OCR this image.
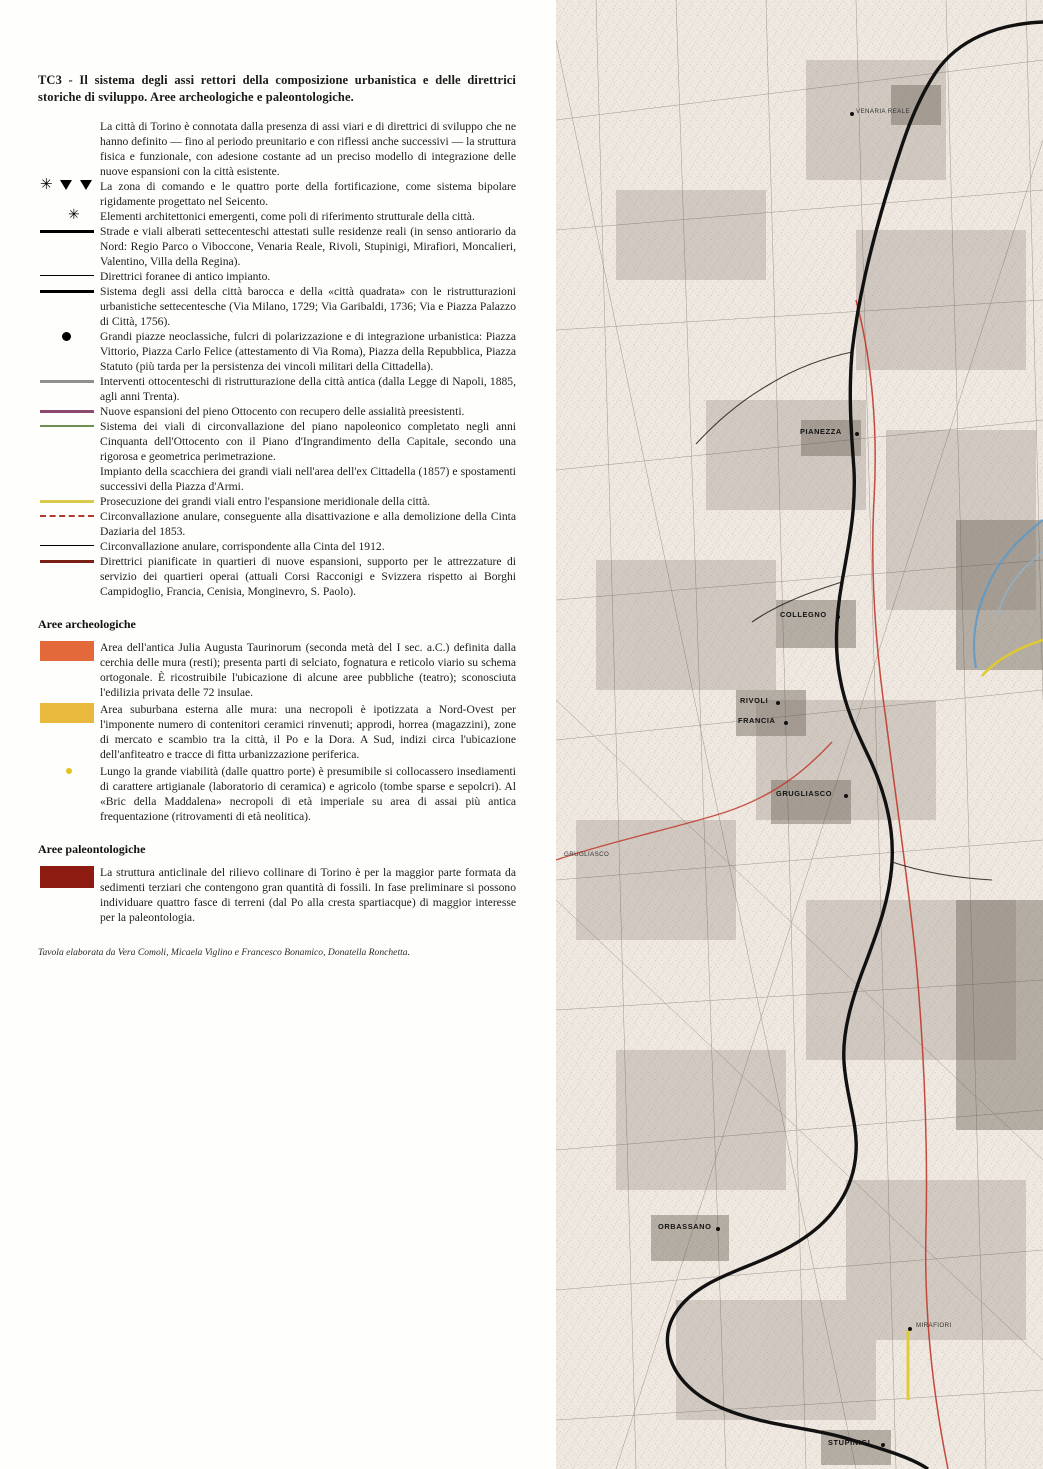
TC3 - Il sistema degli assi rettori della composizione urbanistica e delle direttrici storiche di sviluppo. Aree archeologiche e paleontologiche.
La città di Torino è connotata dalla presenza di assi viari e di direttrici di sviluppo che ne hanno definito — fino al periodo preunitario e con riflessi anche successivi — la struttura fisica e funzionale, con adesione costante ad un preciso modello di integrazione delle nuove espansioni con la città esistente.
✳	La zona di comando e le quattro porte della fortificazione, come sistema bipolare rigidamente progettato nel Seicento.
✳ Elementi architettonici emergenti, come poli di riferimento strutturale della città.
Strade e viali alberati settecenteschi attestati sulle residenze reali (in senso antiorario da Nord: Regio Parco o Viboccone, Venaria Reale, Rivoli, Stupinigi, Mirafiori, Moncalieri, Valentino, Villa della Regina).
Direttrici foranee di antico impianto.
Sistema degli assi della città barocca e della «città quadrata» con le ristrutturazioni urbanistiche settecentesche (Via Milano, 1729; Via Garibaldi, 1736; Via e Piazza Palazzo di Città, 1756).
Grandi piazze neoclassiche, fulcri di polarizzazione e di integrazione urbanistica: Piazza Vittorio, Piazza Carlo Felice (attestamento di Via Roma), Piazza della Repubblica, Piazza Statuto (più tarda per la persistenza dei vincoli militari della Cittadella).
Interventi ottocenteschi di ristrutturazione della città antica (dalla Legge di Napoli, 1885, agli anni Trenta).
Nuove espansioni del pieno Ottocento con recupero delle assialità preesistenti.
Sistema dei viali di circonvallazione del piano napoleonico completato negli anni Cinquanta dell'Ottocento con il Piano d'Ingrandimento della Capitale, secondo una rigorosa e geometrica perimetrazione.
Impianto della scacchiera dei grandi viali nell'area dell'ex Cittadella (1857) e spostamenti successivi della Piazza d'Armi.
Prosecuzione dei grandi viali entro l'espansione meridionale della città.
Circonvallazione anulare, conseguente alla disattivazione e alla demolizione della Cinta Daziaria del 1853.
Circonvallazione anulare, corrispondente alla Cinta del 1912.
Direttrici pianificate in quartieri di nuove espansioni, supporto per le attrezzature di servizio dei quartieri operai (attuali Corsi Racconigi e Svizzera rispetto ai Borghi Campidoglio, Francia, Cenisia, Monginevro, S. Paolo).
Aree archeologiche
Area dell'antica Julia Augusta Taurinorum (seconda metà del I sec. a.C.) definita dalla cerchia delle mura (resti); presenta parti di selciato, fognatura e reticolo viario su schema ortogonale. È ricostruibile l'ubicazione di alcune aree pubbliche (teatro); sconosciuta l'edilizia privata delle 72 insulae.
Area suburbana esterna alle mura: una necropoli è ipotizzata a Nord-Ovest per l'imponente numero di contenitori ceramici rinvenuti; approdi, horrea (magazzini), zone di mercato e scambio tra la città, il Po e la Dora. A Sud, indizi circa l'ubicazione dell'anfiteatro e tracce di fitta urbanizzazione periferica.
Lungo la grande viabilità (dalle quattro porte) è presumibile si collocassero insediamenti di carattere artigianale (laboratorio di ceramica) e agricolo (tombe sparse e sepolcri). Al «Bric della Maddalena» necropoli di età imperiale su area di assai più antica frequentazione (ritrovamenti di età neolitica).
Aree paleontologiche
La struttura anticlinale del rilievo collinare di Torino è per la maggior parte formata da sedimenti terziari che contengono gran quantità di fossili. In fase preliminare si possono individuare quattro fasce di terreni (dal Po alla cresta spartiacque) di maggior interesse per la paleontologia.
Tavola elaborata da Vera Comoli, Micaela Viglino e Francesco Bonamico, Donatella Ronchetta.
VENARIA REALE
PIANEZZA
COLLEGNO
RIVOLI
FRANCIA
GRUGLIASCO
GRUGLIASCO
ORBASSANO
MIRAFIORI
STUPINIGI
